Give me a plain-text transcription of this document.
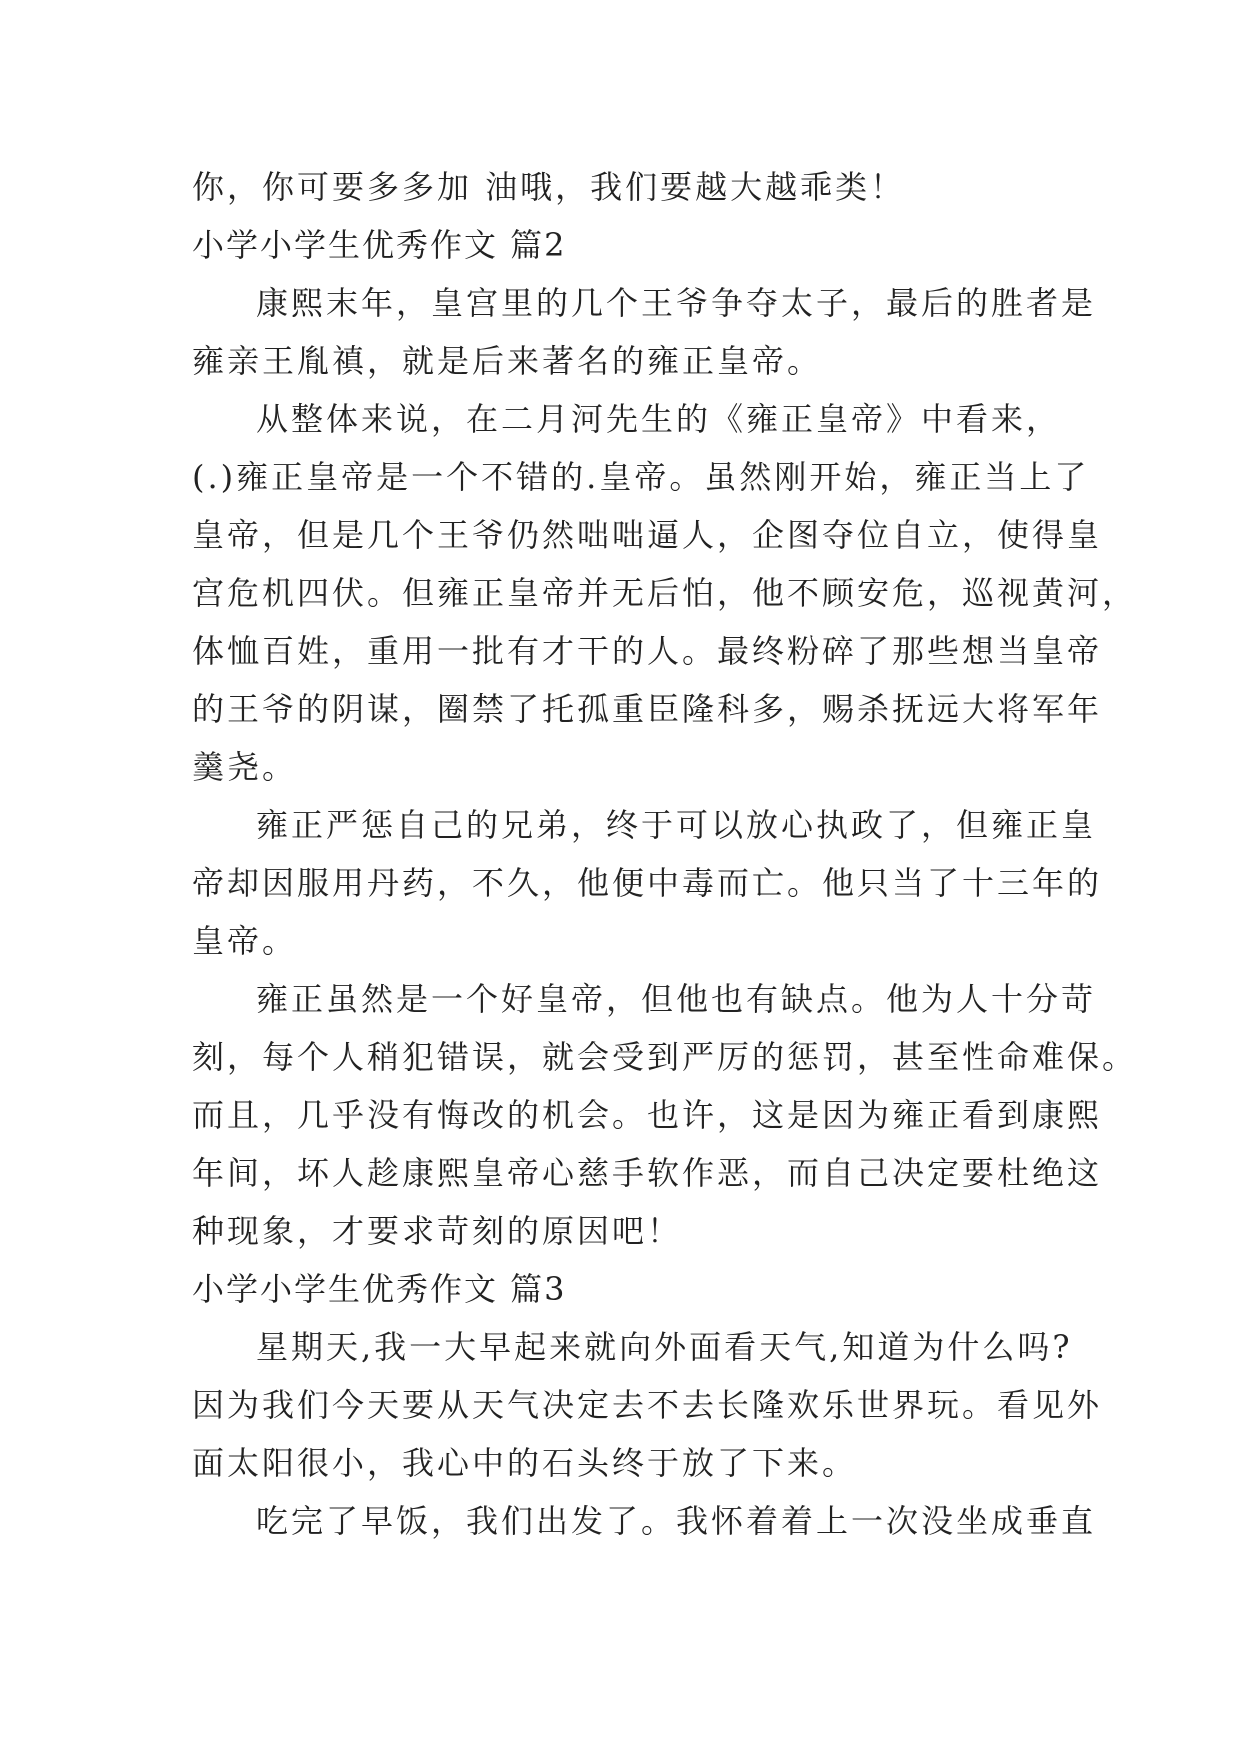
你，你可要多多加 油哦，我们要越大越乖类！
小学小学生优秀作文 篇2
康熙末年，皇宫里的几个王爷争夺太子，最后的胜者是
雍亲王胤禛，就是后来著名的雍正皇帝。
从整体来说，在二月河先生的《雍正皇帝》中看来，
(.)雍正皇帝是一个不错的.皇帝。虽然刚开始，雍正当上了
皇帝，但是几个王爷仍然咄咄逼人，企图夺位自立，使得皇
宫危机四伏。但雍正皇帝并无后怕，他不顾安危，巡视黄河，
体恤百姓，重用一批有才干的人。最终粉碎了那些想当皇帝
的王爷的阴谋，圈禁了托孤重臣隆科多，赐杀抚远大将军年
羹尧。
雍正严惩自己的兄弟，终于可以放心执政了，但雍正皇
帝却因服用丹药，不久，他便中毒而亡。他只当了十三年的
皇帝。
雍正虽然是一个好皇帝，但他也有缺点。他为人十分苛
刻，每个人稍犯错误，就会受到严厉的惩罚，甚至性命难保。
而且，几乎没有悔改的机会。也许，这是因为雍正看到康熙
年间，坏人趁康熙皇帝心慈手软作恶，而自己决定要杜绝这
种现象，才要求苛刻的原因吧！
小学小学生优秀作文 篇3
星期天,我一大早起来就向外面看天气,知道为什么吗?
因为我们今天要从天气决定去不去长隆欢乐世界玩。看见外
面太阳很小，我心中的石头终于放了下来。
吃完了早饭，我们出发了。我怀着着上一次没坐成垂直
